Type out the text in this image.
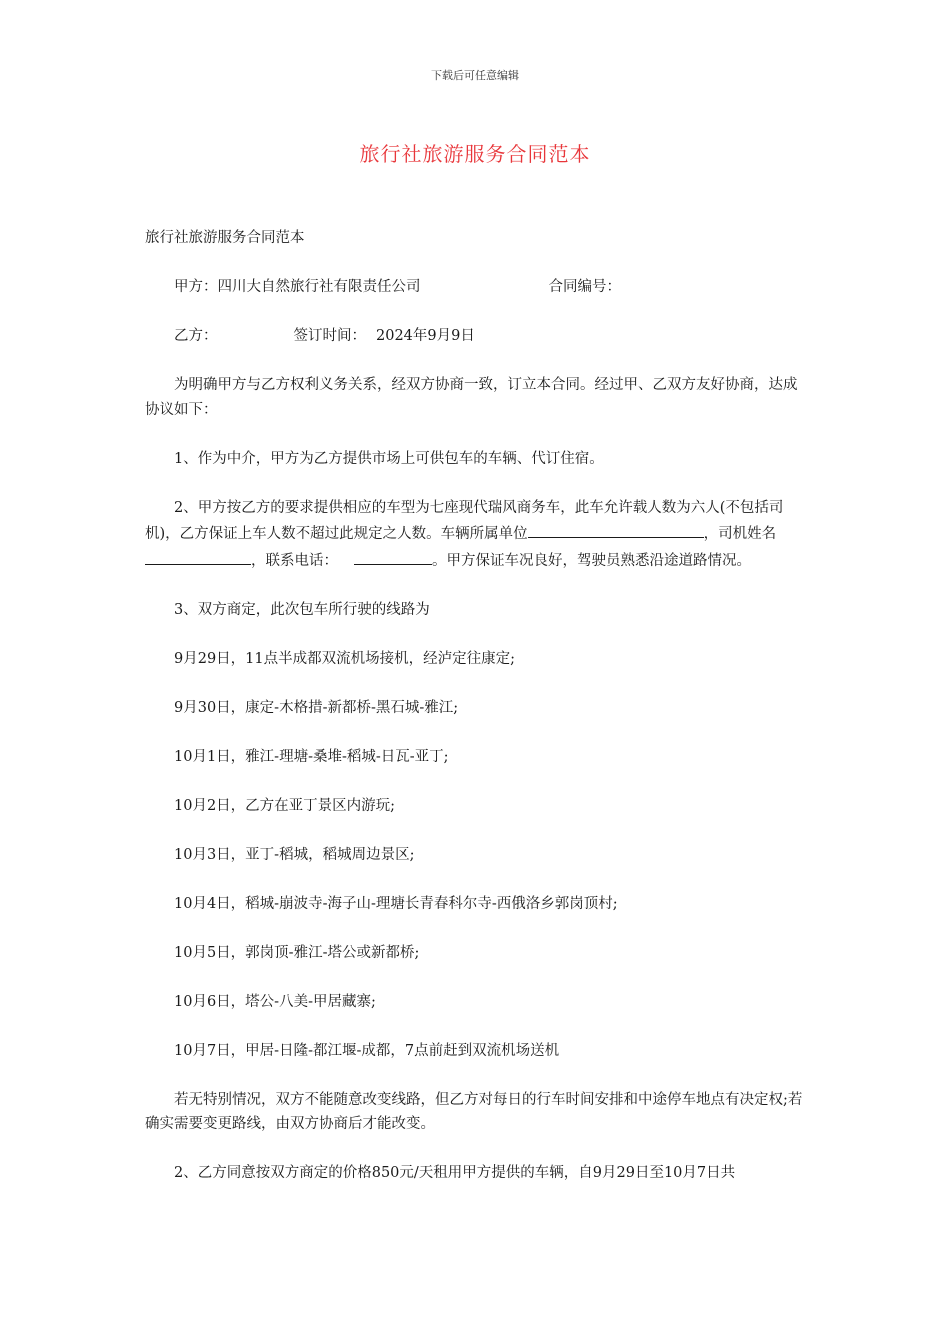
下载后可任意编辑
旅行社旅游服务合同范本

旅行社旅游服务合同范本

甲方：四川大自然旅行社有限责任公司	合同编号：

乙方：	签订时间： 2024年9月9日

为明确甲方与乙方权利义务关系，经双方协商一致，订立本合同。经过甲、乙双方友好协商，达成协议如下：

1、作为中介，甲方为乙方提供市场上可供包车的车辆、代订住宿。

2、甲方按乙方的要求提供相应的车型为七座现代瑞风商务车，此车允许载人数为六人(不包括司机)，乙方保证上车人数不超过此规定之人数。车辆所属单位	，司机姓名，联系电话：	。甲方保证车况良好，驾驶员熟悉沿途道路情况。

3、双方商定，此次包车所行驶的线路为

9月29日，11点半成都双流机场接机，经泸定往康定;

9月30日，康定-木格措-新都桥-黑石城-雅江;

10月1日，雅江-理塘-桑堆-稻城-日瓦-亚丁;

10月2日，乙方在亚丁景区内游玩;

10月3日，亚丁-稻城，稻城周边景区;

10月4日，稻城-崩波寺-海子山-理塘长青春科尔寺-西俄洛乡郭岗顶村;

10月5日，郭岗顶-雅江-塔公或新都桥;

10月6日，塔公-八美-甲居藏寨;

10月7日，甲居-日隆-都江堰-成都，7点前赶到双流机场送机

若无特别情况，双方不能随意改变线路，但乙方对每日的行车时间安排和中途停车地点有决定权;若确实需要变更路线，由双方协商后才能改变。

2、乙方同意按双方商定的价格850元/天租用甲方提供的车辆，自9月29日至10月7日共
